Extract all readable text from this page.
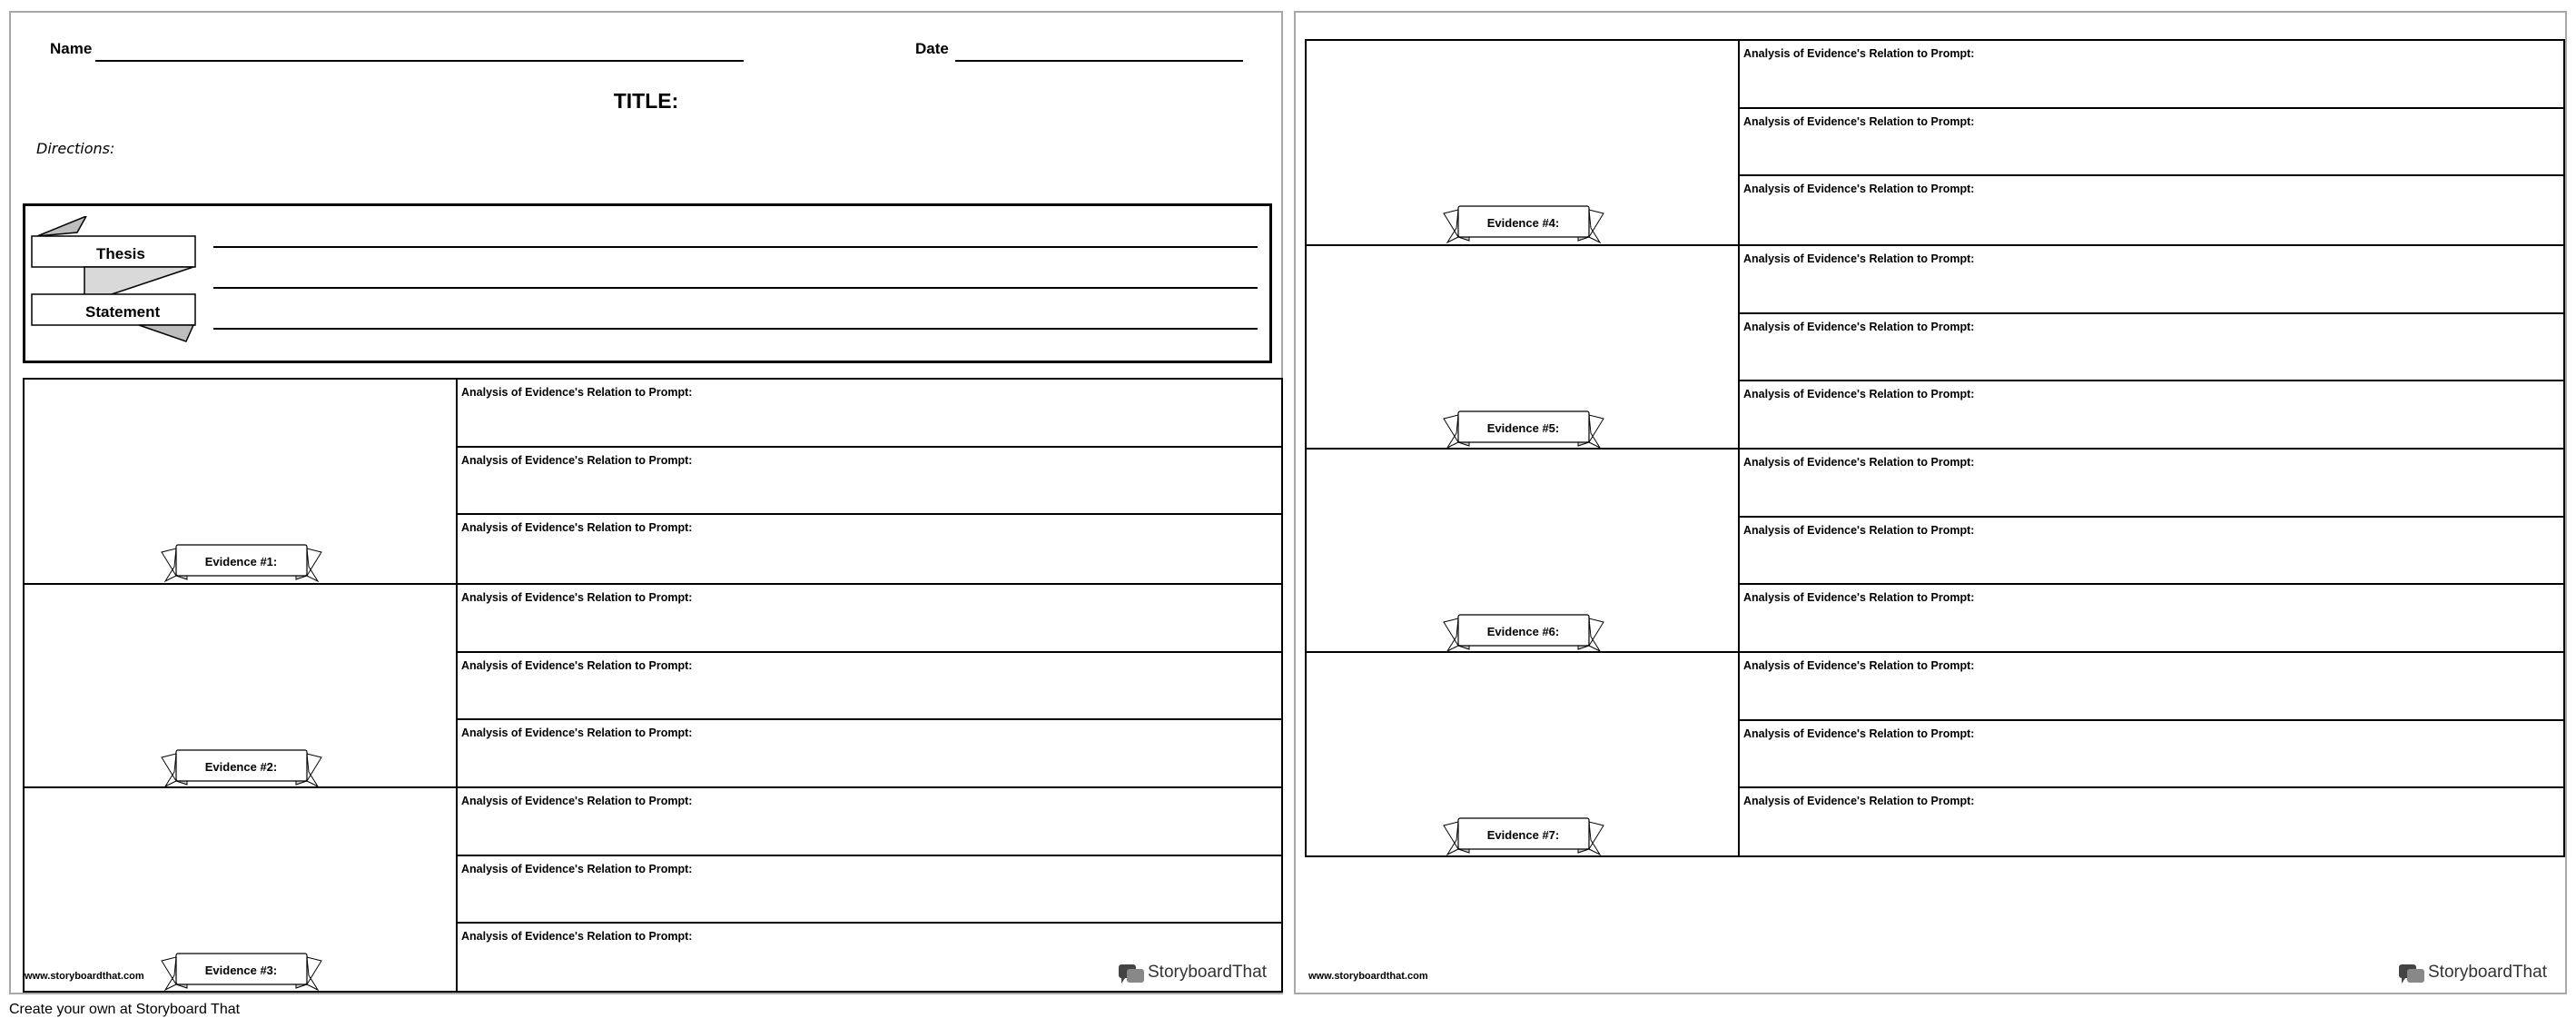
Name	Date
TITLE:
Directions:
Thesis
Statement
Evidence #1:
Analysis of Evidence's Relation to Prompt:
Analysis of Evidence's Relation to Prompt:
Analysis of Evidence's Relation to Prompt:
Evidence #2:
Analysis of Evidence's Relation to Prompt:
Analysis of Evidence's Relation to Prompt:
Analysis of Evidence's Relation to Prompt:
Evidence #3:
Analysis of Evidence's Relation to Prompt:
Analysis of Evidence's Relation to Prompt:
Analysis of Evidence's Relation to Prompt:
www.storyboardthat.com	StoryboardThat
Evidence #4:
Analysis of Evidence's Relation to Prompt:
Analysis of Evidence's Relation to Prompt:
Analysis of Evidence's Relation to Prompt:
Evidence #5:
Analysis of Evidence's Relation to Prompt:
Analysis of Evidence's Relation to Prompt:
Analysis of Evidence's Relation to Prompt:
Evidence #6:
Analysis of Evidence's Relation to Prompt:
Analysis of Evidence's Relation to Prompt:
Analysis of Evidence's Relation to Prompt:
Evidence #7:
Analysis of Evidence's Relation to Prompt:
Analysis of Evidence's Relation to Prompt:
Analysis of Evidence's Relation to Prompt:
www.storyboardthat.com	StoryboardThat
Create your own at Storyboard That
